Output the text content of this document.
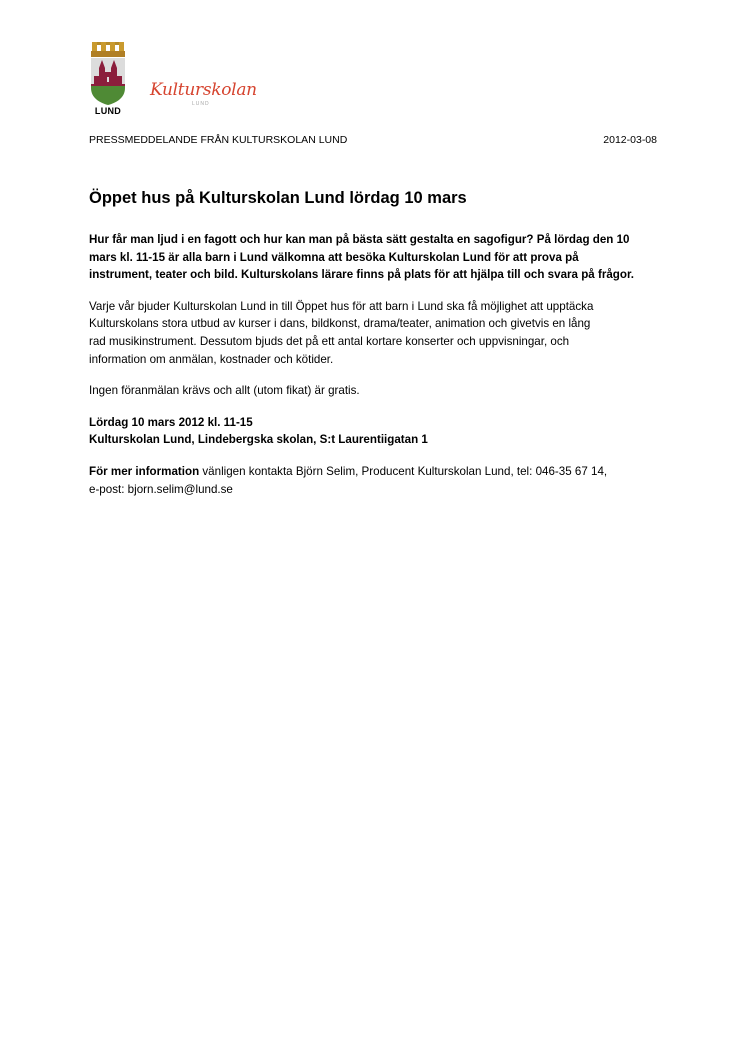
LUND
Kulturskolan
LUND
PRESSMEDDELANDE FRÅN KULTURSKOLAN LUND	2012-03-08
Öppet hus på Kulturskolan Lund lördag 10 mars

Hur får man ljud i en fagott och hur kan man på bästa sätt gestalta en sagofigur? På lördag den 10
mars kl. 11-15 är alla barn i Lund välkomna att besöka Kulturskolan Lund för att prova på
instrument, teater och bild. Kulturskolans lärare finns på plats för att hjälpa till och svara på frågor.

Varje vår bjuder Kulturskolan Lund in till Öppet hus för att barn i Lund ska få möjlighet att upptäcka
Kulturskolans stora utbud av kurser i dans, bildkonst, drama/teater, animation och givetvis en lång
rad musikinstrument. Dessutom bjuds det på ett antal kortare konserter och uppvisningar, och
information om anmälan, kostnader och kötider.

Ingen föranmälan krävs och allt (utom fikat) är gratis.

Lördag 10 mars 2012 kl. 11-15
Kulturskolan Lund, Lindebergska skolan, S:t Laurentiigatan 1

För mer information vänligen kontakta Björn Selim, Producent Kulturskolan Lund, tel: 046-35 67 14,
e-post: bjorn.selim@lund.se
